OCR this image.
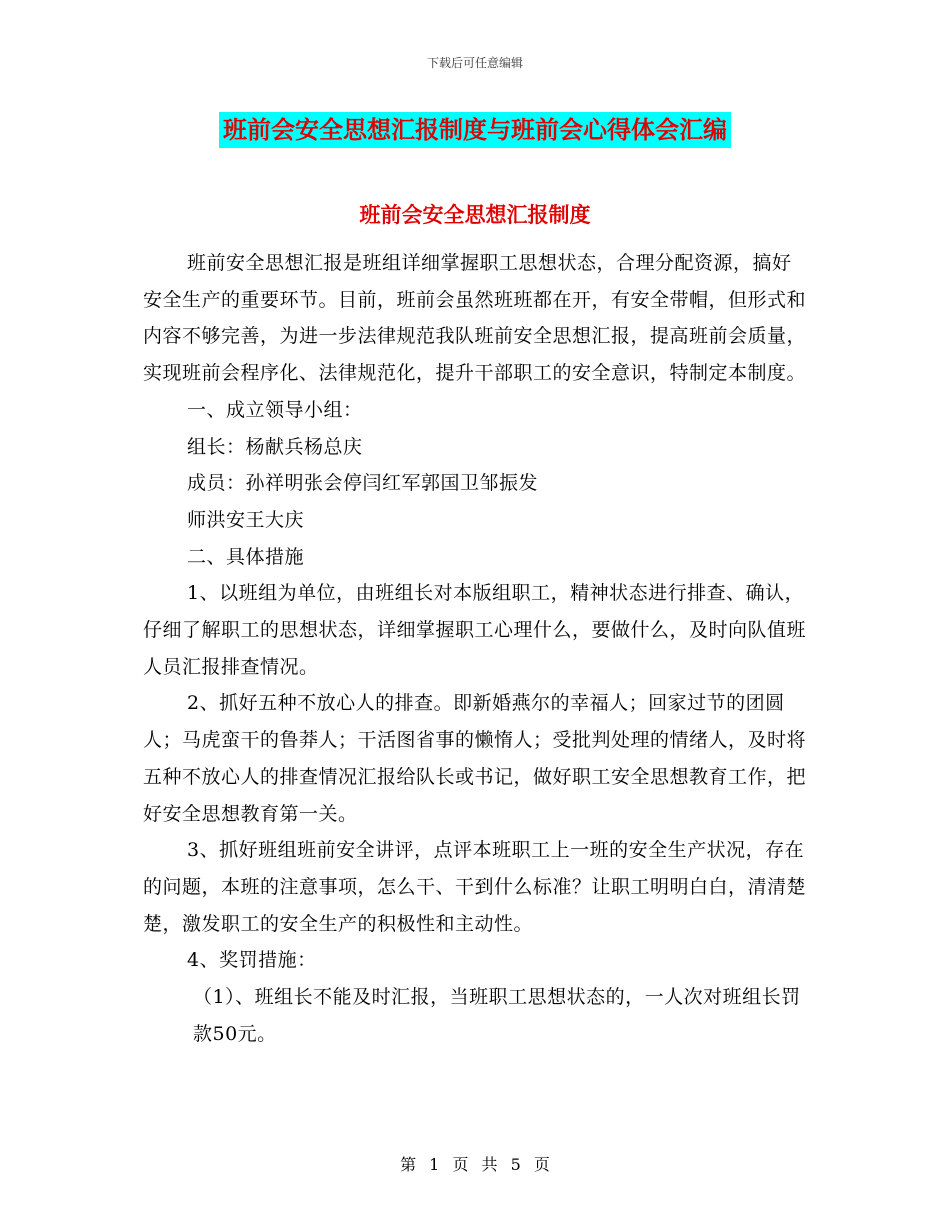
下载后可任意编辑
班前会安全思想汇报制度与班前会心得体会汇编
班前会安全思想汇报制度

班前安全思想汇报是班组详细掌握职工思想状态，合理分配资源，搞好安全生产的重要环节。目前，班前会虽然班班都在开，有安全带帽，但形式和内容不够完善，为进一步法律规范我队班前安全思想汇报，提高班前会质量，实现班前会程序化、法律规范化，提升干部职工的安全意识，特制定本制度。

一、成立领导小组：

组长：杨献兵杨总庆

成员：孙祥明张会停闫红军郭国卫邹振发

师洪安王大庆

二、具体措施

1、以班组为单位，由班组长对本版组职工，精神状态进行排查、确认，仔细了解职工的思想状态，详细掌握职工心理什么，要做什么，及时向队值班人员汇报排查情况。

2、抓好五种不放心人的排查。即新婚燕尔的幸福人；回家过节的团圆人；马虎蛮干的鲁莽人；干活图省事的懒惰人；受批判处理的情绪人，及时将五种不放心人的排查情况汇报给队长或书记，做好职工安全思想教育工作，把好安全思想教育第一关。

3、抓好班组班前安全讲评，点评本班职工上一班的安全生产状况，存在的问题，本班的注意事项，怎么干、干到什么标准？让职工明明白白，清清楚楚，激发职工的安全生产的积极性和主动性。

4、奖罚措施：

（1）、班组长不能及时汇报，当班职工思想状态的，一人次对班组长罚款50元。

第 1 页 共 5 页
